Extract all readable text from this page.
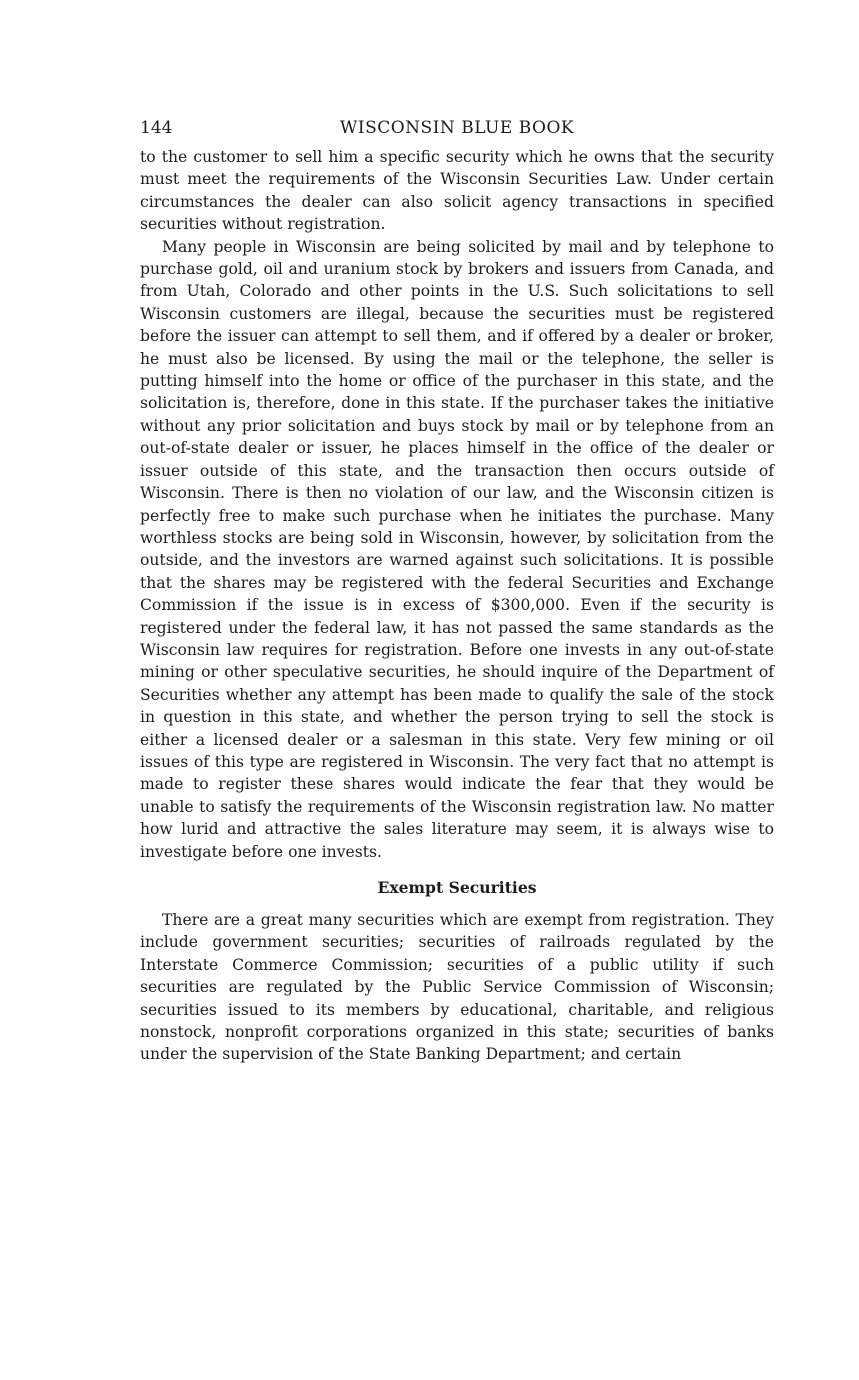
144	WISCONSIN BLUE BOOK

to the customer to sell him a specific security which he owns that the security must meet the requirements of the Wisconsin Securities Law. Under certain circumstances the dealer can also solicit agency transactions in specified securities without registration.

Many people in Wisconsin are being solicited by mail and by telephone to purchase gold, oil and uranium stock by brokers and issuers from Canada, and from Utah, Colorado and other points in the U.S. Such solicitations to sell Wisconsin customers are illegal, because the securities must be registered before the issuer can attempt to sell them, and if offered by a dealer or broker, he must also be licensed. By using the mail or the telephone, the seller is putting himself into the home or office of the purchaser in this state, and the solicitation is, therefore, done in this state. If the purchaser takes the initiative without any prior solicitation and buys stock by mail or by telephone from an out-of-state dealer or issuer, he places himself in the office of the dealer or issuer outside of this state, and the transaction then occurs outside of Wisconsin. There is then no violation of our law, and the Wisconsin citizen is perfectly free to make such purchase when he initiates the purchase. Many worthless stocks are being sold in Wisconsin, however, by solicitation from the outside, and the investors are warned against such solicitations. It is possible that the shares may be registered with the federal Securities and Exchange Commission if the issue is in excess of $300,000. Even if the security is registered under the federal law, it has not passed the same standards as the Wisconsin law requires for registration. Before one invests in any out-of-state mining or other speculative securities, he should inquire of the Department of Securities whether any attempt has been made to qualify the sale of the stock in question in this state, and whether the person trying to sell the stock is either a licensed dealer or a salesman in this state. Very few mining or oil issues of this type are registered in Wisconsin. The very fact that no attempt is made to register these shares would indicate the fear that they would be unable to satisfy the requirements of the Wisconsin registration law. No matter how lurid and attractive the sales literature may seem, it is always wise to investigate before one invests.

Exempt Securities

There are a great many securities which are exempt from registration. They include government securities; securities of railroads regulated by the Interstate Commerce Commission; securities of a public utility if such securities are regulated by the Public Service Commission of Wisconsin; securities issued to its members by educational, charitable, and religious nonstock, nonprofit corporations organized in this state; securities of banks under the supervision of the State Banking Department; and certain
